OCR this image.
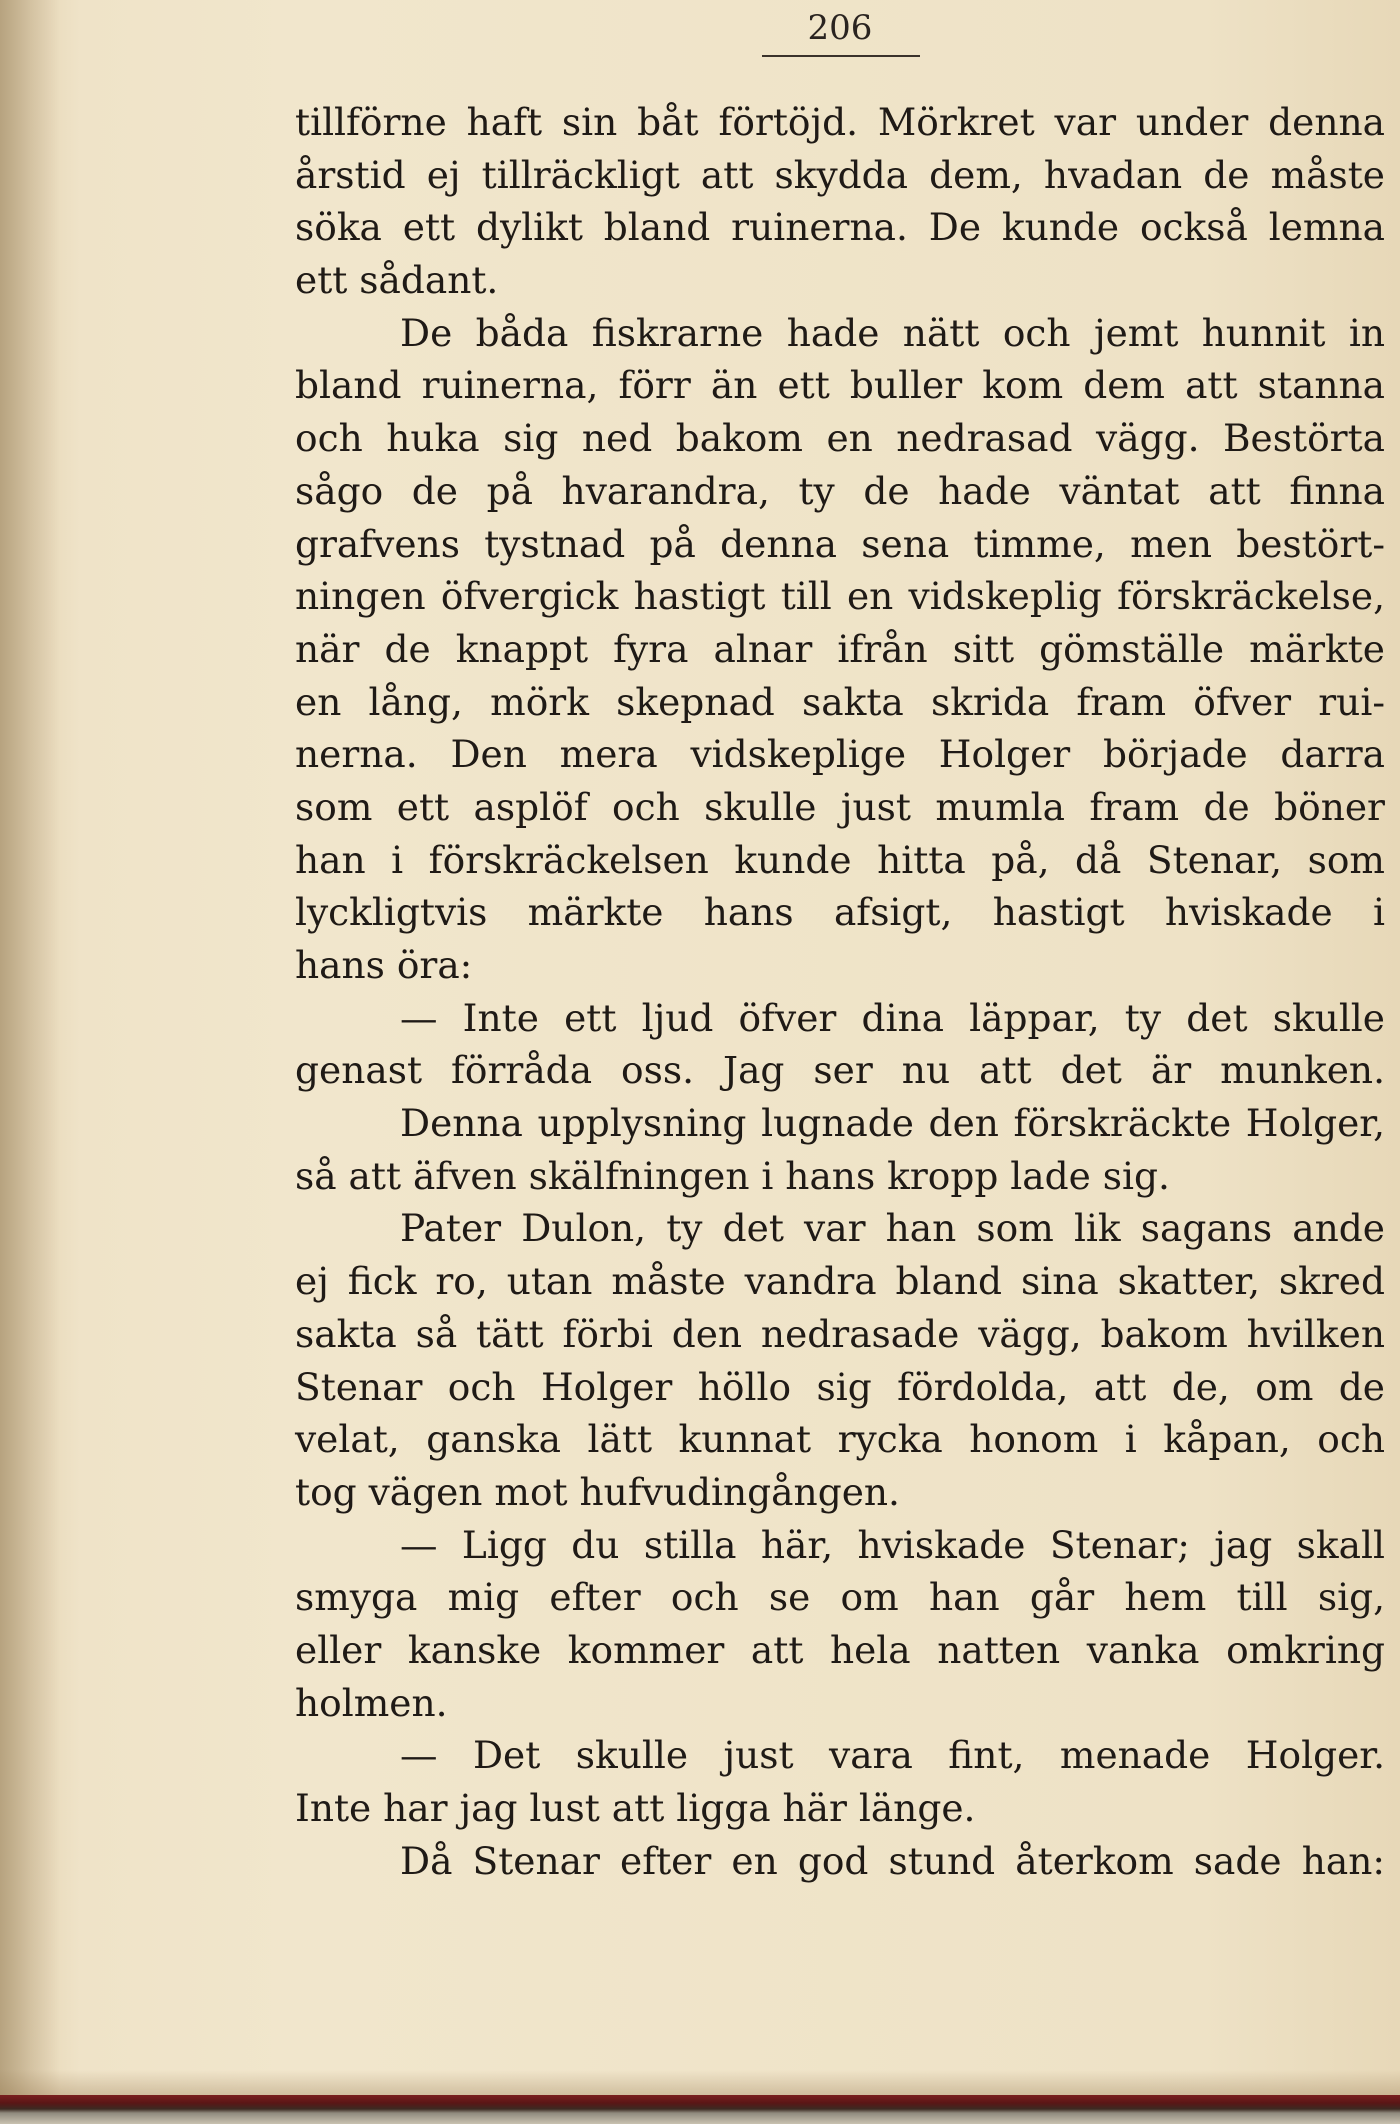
206
tillförne haft sin båt förtöjd. Mörkret var under denna
årstid ej tillräckligt att skydda dem, hvadan de måste
söka ett dylikt bland ruinerna. De kunde också lemna
ett sådant.
De båda fiskrarne hade nätt och jemt hunnit in
bland ruinerna, förr än ett buller kom dem att stanna
och huka sig ned bakom en nedrasad vägg. Bestörta
sågo de på hvarandra, ty de hade väntat att finna
grafvens tystnad på denna sena timme, men bestört-
ningen öfvergick hastigt till en vidskeplig förskräckelse,
när de knappt fyra alnar ifrån sitt gömställe märkte
en lång, mörk skepnad sakta skrida fram öfver rui-
nerna. Den mera vidskeplige Holger började darra
som ett asplöf och skulle just mumla fram de böner
han i förskräckelsen kunde hitta på, då Stenar, som
lyckligtvis märkte hans afsigt, hastigt hviskade i
hans öra:
— Inte ett ljud öfver dina läppar, ty det skulle
genast förråda oss. Jag ser nu att det är munken.
Denna upplysning lugnade den förskräckte Holger,
så att äfven skälfningen i hans kropp lade sig.
Pater Dulon, ty det var han som lik sagans ande
ej fick ro, utan måste vandra bland sina skatter, skred
sakta så tätt förbi den nedrasade vägg, bakom hvilken
Stenar och Holger höllo sig fördolda, att de, om de
velat, ganska lätt kunnat rycka honom i kåpan, och
tog vägen mot hufvudingången.
— Ligg du stilla här, hviskade Stenar; jag skall
smyga mig efter och se om han går hem till sig,
eller kanske kommer att hela natten vanka omkring
holmen.
— Det skulle just vara fint, menade Holger.
Inte har jag lust att ligga här länge.
Då Stenar efter en god stund återkom sade han:
